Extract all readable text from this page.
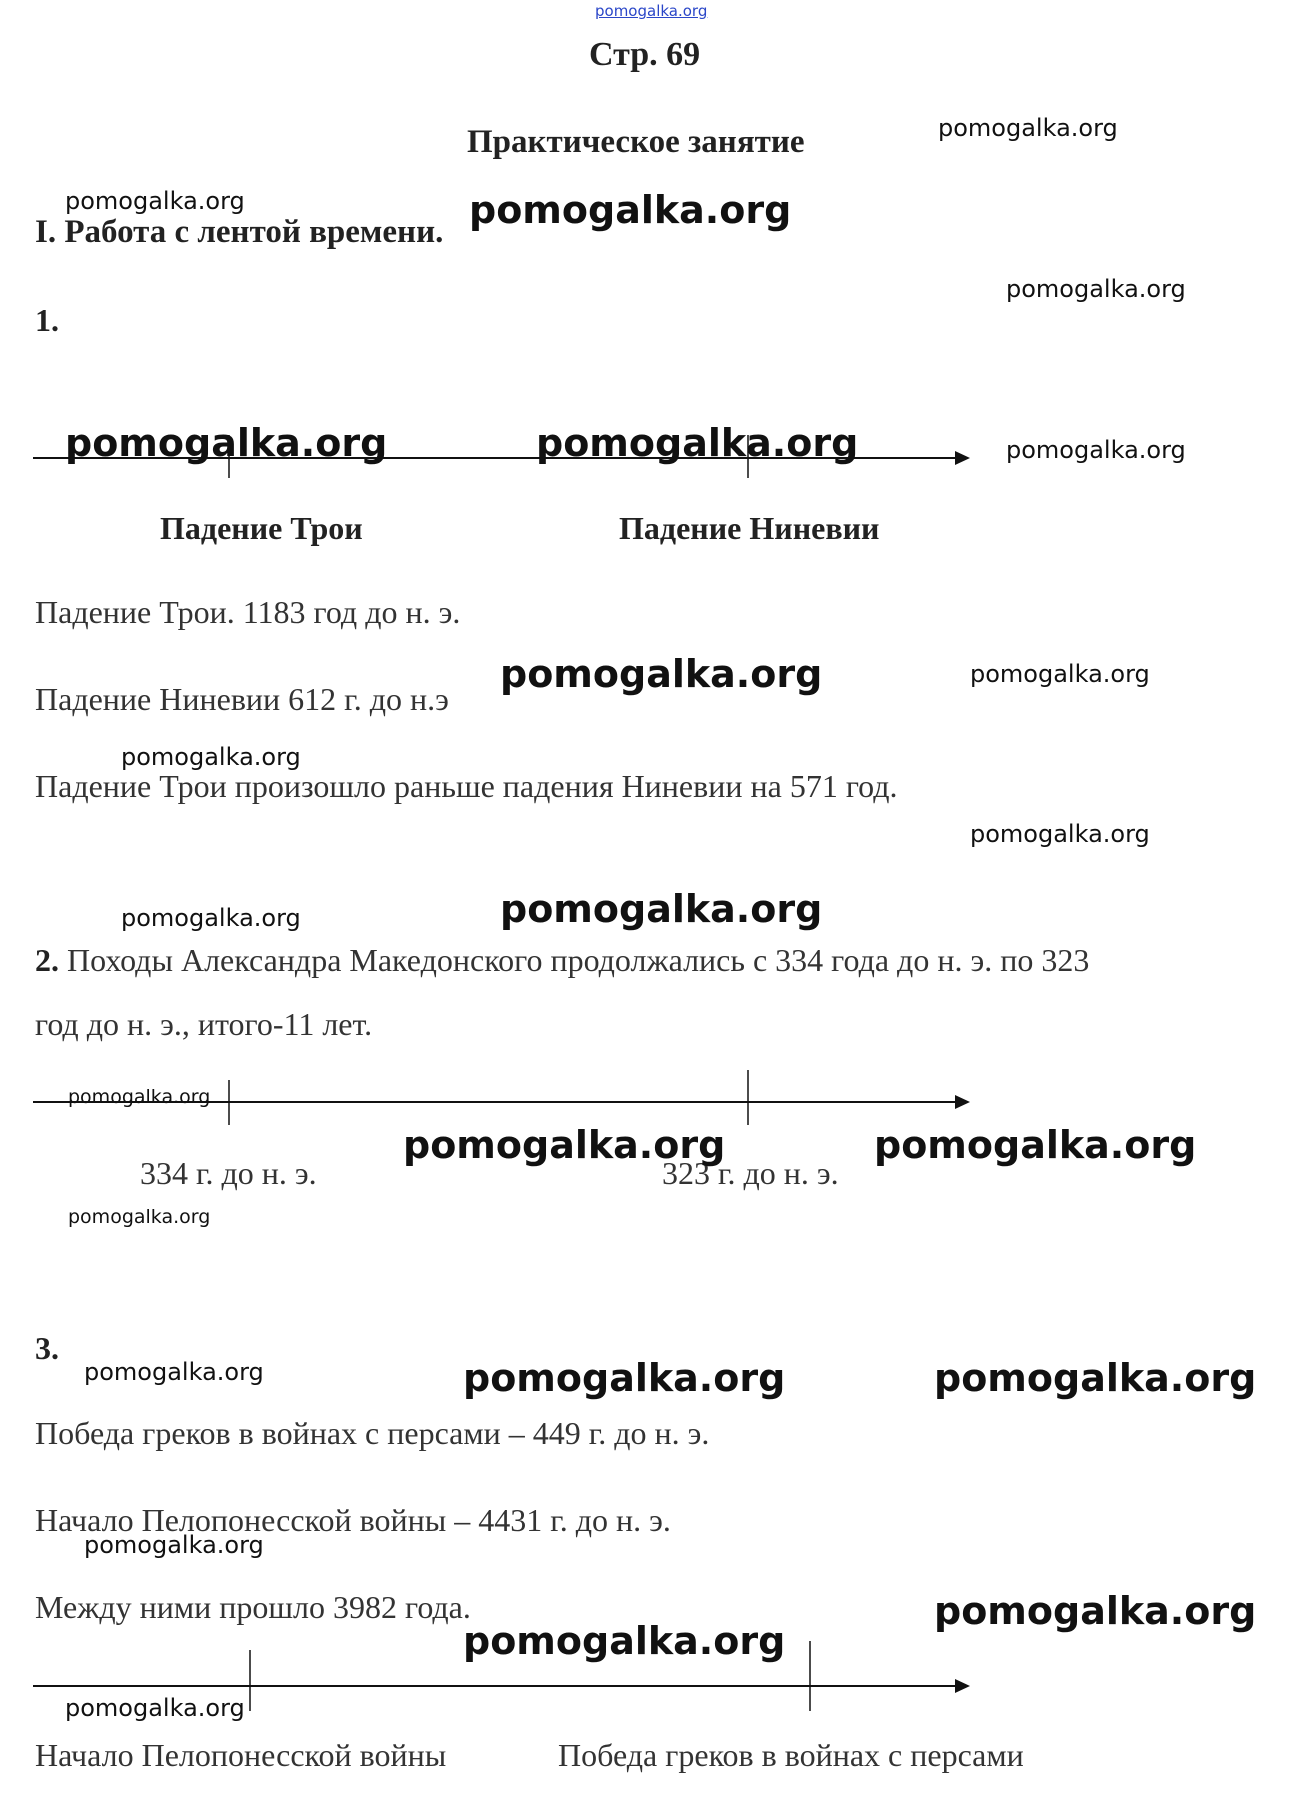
pomogalka.org
Стр. 69
Практическое занятие
I. Работа с лентой времени.
1.
Падение Трои	Падение Ниневии
Падение Трои. 1183 год до н. э.
Падение Ниневии 612 г. до н.э
Падение Трои произошло раньше падения Ниневии на 571 год.
2. Походы Александра Македонского продолжались с 334 года до н. э. по 323
год до н. э., итого-11 лет.
334 г. до н. э.	323 г. до н. э.
3.
Победа греков в войнах с персами – 449 г. до н. э.
Начало Пелопонесской войны – 4431 г. до н. э.
Между ними прошло 3982 года.
Начало Пелопонесской войны	Победа греков в войнах с персами
pomogalka.org
pomogalka.org	pomogalka.org
pomogalka.org
pomogalka.org	pomogalka.org	pomogalka.org
pomogalka.org	pomogalka.org
pomogalka.org
pomogalka.org
pomogalka.org	pomogalka.org
pomogalka.org
pomogalka.org	pomogalka.org
pomogalka.org
pomogalka.org	pomogalka.org	pomogalka.org
pomogalka.org
pomogalka.org
pomogalka.org
pomogalka.org
